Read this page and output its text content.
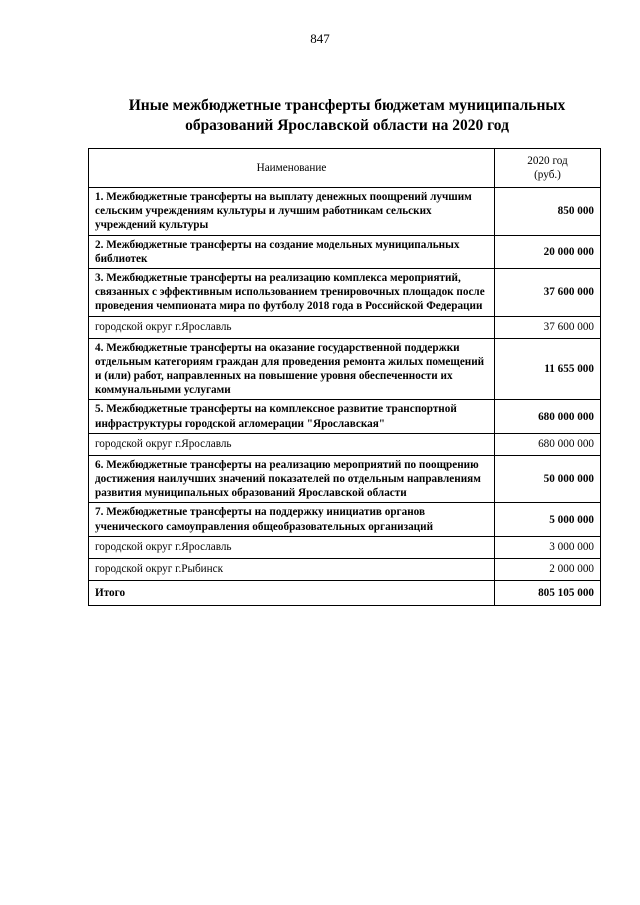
847
Иные межбюджетные трансферты бюджетам муниципальных образований Ярославской области на 2020 год
Наименование	2020 год
(руб.)

1. Межбюджетные трансферты на выплату денежных поощрений лучшим сельским учреждениям культуры и лучшим работникам сельских учреждений культуры	850 000
2. Межбюджетные трансферты на создание модельных муниципальных библиотек	20 000 000
3. Межбюджетные трансферты на реализацию комплекса мероприятий, связанных с эффективным использованием тренировочных площадок после проведения чемпионата мира по футболу 2018 года в Российской Федерации	37 600 000
городской округ г.Ярославль	37 600 000
4. Межбюджетные трансферты на оказание государственной поддержки отдельным категориям граждан для проведения ремонта жилых помещений и (или) работ, направленных на повышение уровня обеспеченности их коммунальными услугами	11 655 000
5. Межбюджетные трансферты на комплексное развитие транспортной инфраструктуры городской агломерации "Ярославская"	680 000 000
городской округ г.Ярославль	680 000 000
6. Межбюджетные трансферты на реализацию мероприятий по поощрению достижения наилучших значений показателей по отдельным направлениям развития муниципальных образований Ярославской области	50 000 000
7. Межбюджетные трансферты на поддержку инициатив органов ученического самоуправления общеобразовательных организаций	5 000 000
городской округ г.Ярославль	3 000 000
городской округ г.Рыбинск	2 000 000
Итого	805 105 000
